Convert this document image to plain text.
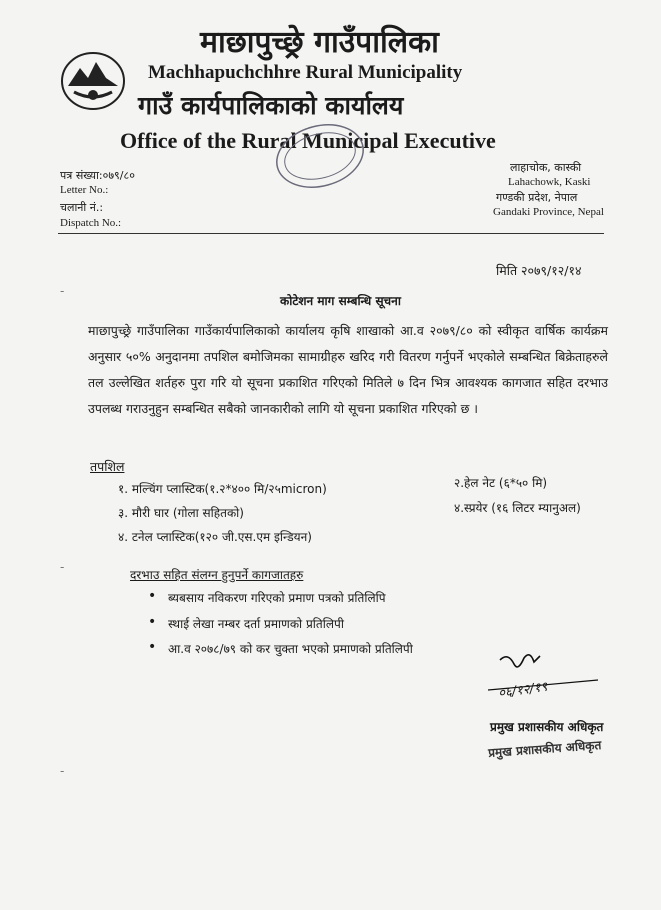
माछापुच्छ्रे गाउँपालिका
Machhapuchchhre Rural Municipality
गाउँ कार्यपालिकाको कार्यालय
Office of the Rural Municipal Executive
पत्र संख्या:०७९/८०
Letter No.:
चलानी नं.:
Dispatch No.:
लाहाचोक, कास्की
Lahachowk, Kaski
गण्डकी प्रदेश, नेपाल
Gandaki Province, Nepal
मिति २०७९/१२/१४
कोटेशन माग सम्बन्धि सूचना
माछापुच्छ्रे गाउँपालिका गाउँकार्यपालिकाको कार्यालय कृषि शाखाको आ.व २०७९/८० को स्वीकृत वार्षिक कार्यक्रम अनुसार ५०% अनुदानमा तपशिल बमोजिमका सामाग्रीहरु खरिद गरी वितरण गर्नुपर्ने भएकोले सम्बन्धित बिक्रेताहरुले तल उल्लेखित शर्तहरु पुरा गरि यो सूचना प्रकाशित गरिएको मितिले ७ दिन भित्र आवश्यक कागजात सहित दरभाउ उपलब्ध गराउनुहुन सम्बन्धित सबैको जानकारीको लागि यो सूचना प्रकाशित गरिएको छ ।
तपशिल
१. मल्चिंग प्लास्टिक(१.२*४०० मि/२५micron)	२.हेल नेट (६*५० मि)
३. मौरी घार (गोला सहितको)	४.स्प्रयेर (१६ लिटर म्यानुअल)
४. टनेल प्लास्टिक(१२० जी.एस.एम इन्डियन)
दरभाउ सहित संलग्न हुनुपर्ने कागजातहरु
• ब्यबसाय नविकरण गरिएको प्रमाण पत्रको प्रतिलिपि
• स्थाई लेखा नम्बर दर्ता प्रमाणको प्रतिलिपी
• आ.व २०७८/७९ को कर चुक्ता भएको प्रमाणको प्रतिलिपी
०६/१२/१९
प्रमुख प्रशासकीय अधिकृत
प्रमुख प्रशासकीय अधिकृत
-
-
-
